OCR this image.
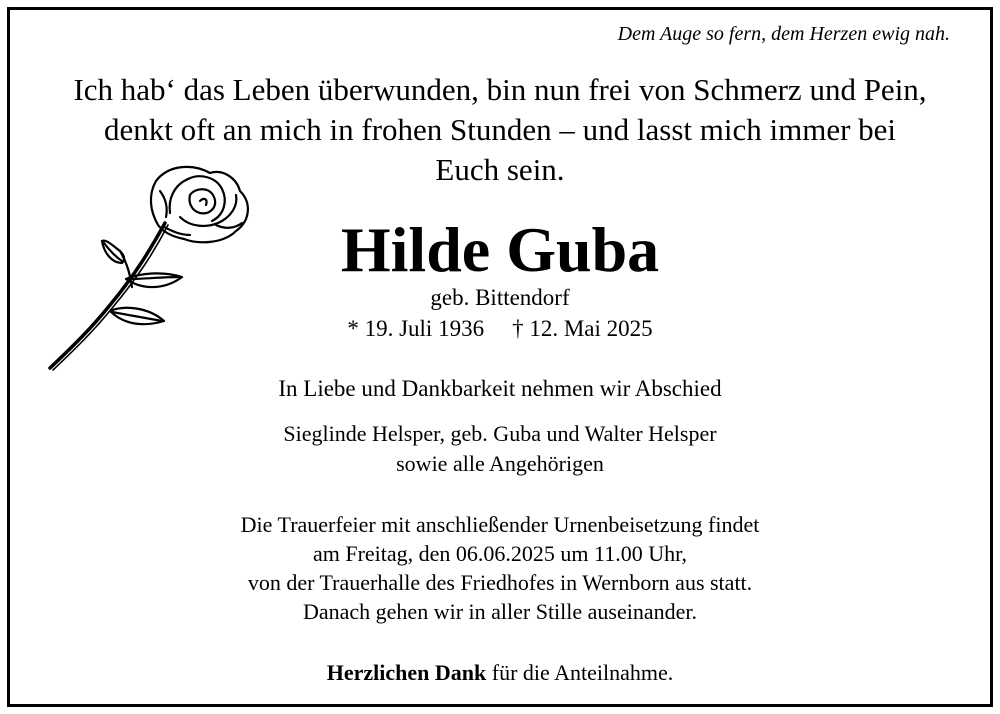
Dem Auge so fern, dem Herzen ewig nah.
Ich hab‘ das Leben überwunden, bin nun frei von Schmerz und Pein,
denkt oft an mich in frohen Stunden – und lasst mich immer bei
Euch sein.
Hilde Guba
geb. Bittendorf
* 19. Juli 1936 † 12. Mai 2025
In Liebe und Dankbarkeit nehmen wir Abschied
Sieglinde Helsper, geb. Guba und Walter Helsper
sowie alle Angehörigen
Die Trauerfeier mit anschließender Urnenbeisetzung findet
am Freitag, den 06.06.2025 um 11.00 Uhr,
von der Trauerhalle des Friedhofes in Wernborn aus statt.
Danach gehen wir in aller Stille auseinander.
Herzlichen Dank für die Anteilnahme.
